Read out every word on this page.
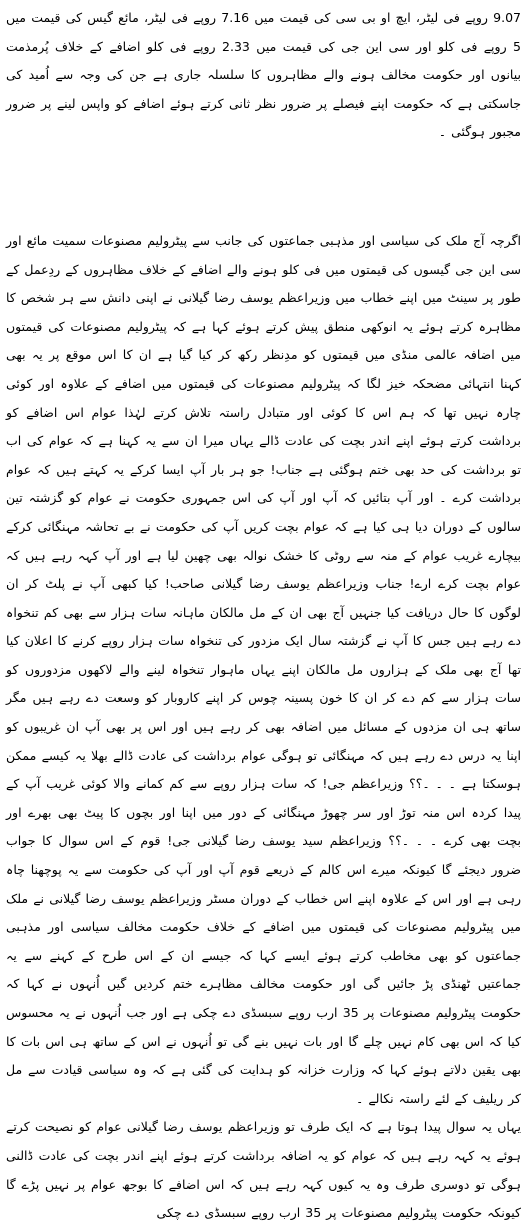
9.07 روپے فی لیٹر، ایچ او بی سی کی قیمت میں 7.16 روپے فی لیٹر، مائع گیس کی قیمت میں 5 روپے فی کلو اور سی این جی کی قیمت میں 2.33 روپے فی کلو اضافے کے خلاف پُرمذمت بیانوں اور حکومت مخالف ہونے والے مظاہروں کا سلسلہ جاری ہے جن کی وجہ سے اُمید کی جاسکتی ہے کہ حکومت اپنے فیصلے پر ضرور نظر ثانی کرتے ہوئے اضافے کو واپس لینے پر ضرور مجبور ہوگئی ۔

اگرچہ آج ملک کی سیاسی اور مذہبی جماعتوں کی جانب سے پیٹرولیم مصنوعات سمیت مائع اور سی این جی گیسوں کی قیمتوں میں فی کلو ہونے والے اضافے کے خلاف مظاہروں کے ردِعمل کے طور پر سینٹ میں اپنے خطاب میں وزیراعظم یوسف رضا گیلانی نے اپنی دانش سے ہر شخص کا مظاہرہ کرتے ہوئے یہ انوکھی منطق پیش کرتے ہوئے کہا ہے کہ پیٹرولیم مصنوعات کی قیمتوں میں اضافہ عالمی منڈی میں قیمتوں کو مدِنظر رکھ کر کیا گیا ہے ان کا اس موقع پر یہ بھی کہنا انتہائی مضحکہ خیز لگا کہ پیٹرولیم مصنوعات کی قیمتوں میں اضافے کے علاوہ اور کوئی چارہ نہیں تھا کہ ہم اس کا کوئی اور متبادل راستہ تلاش کرتے لہٰذا عوام اس اضافے کو برداشت کرتے ہوئے اپنے اندر بچت کی عادت ڈالے یہاں میرا ان سے یہ کہنا ہے کہ عوام کی اب تو برداشت کی حد بھی ختم ہوگئی ہے جناب! جو ہر بار آپ ایسا کرکے یہ کہتے ہیں کہ عوام برداشت کرے ۔ اور آپ بتائیں کہ آپ اور آپ کی اس جمہوری حکومت نے عوام کو گزشتہ تین سالوں کے دوران دیا ہی کیا ہے کہ عوام بچت کریں آپ کی حکومت نے بے تحاشہ مہنگائی کرکے بیچارے غریب عوام کے منہ سے روٹی کا خشک نوالہ بھی چھین لیا ہے اور آپ کہہ رہے ہیں کہ عوام بچت کرے ارے! جناب وزیراعظم یوسف رضا گیلانی صاحب! کیا کبھی آپ نے پلٹ کر ان لوگوں کا حال دریافت کیا جنہیں آج بھی ان کے مل مالکان ماہانہ سات ہزار سے بھی کم تنخواہ دے رہے ہیں جس کا آپ نے گزشتہ سال ایک مزدور کی تنخواہ سات ہزار روپے کرنے کا اعلان کیا تھا آج بھی ملک کے ہزاروں مل مالکان اپنے یہاں ماہوار تنخواہ لینے والے لاکھوں مزدوروں کو سات ہزار سے کم دے کر ان کا خون پسینہ چوس کر اپنے کاروبار کو وسعت دے رہے ہیں مگر ساتھ ہی ان مزدوں کے مسائل میں اضافہ بھی کر رہے ہیں اور اس پر بھی آپ ان غریبوں کو اپنا یہ درس دے رہے ہیں کہ مہنگائی تو ہوگی عوام برداشت کی عادت ڈالے بھلا یہ کیسے ممکن ہوسکتا ہے ۔ ۔ ۔؟؟ وزیراعظم جی! کہ سات ہزار روپے سے کم کمانے والا کوئی غریب آپ کے پیدا کردہ اس منہ توڑ اور سر چھوڑ مہنگائی کے دور میں اپنا اور بچوں کا پیٹ بھی بھرے اور بچت بھی کرے ۔ ۔ ۔؟؟ وزیراعظم سید یوسف رضا گیلانی جی! قوم کے اس سوال کا جواب ضرور دیجئے گا کیونکہ میرے اس کالم کے ذریعے قوم آپ اور آپ کی حکومت سے یہ پوچھنا چاہ رہی ہے اور اس کے علاوہ اپنے اس خطاب کے دوران مسٹر وزیراعظم یوسف رضا گیلانی نے ملک میں پیٹرولیم مصنوعات کی قیمتوں میں اضافے کے خلاف حکومت مخالف سیاسی اور مذہبی جماعتوں کو بھی مخاطب کرتے ہوئے ایسے کہا کہ جیسے ان کے اس طرح کے کہنے سے یہ جماعتیں ٹھنڈی پڑ جائیں گی اور حکومت مخالف مظاہرے ختم کردیں گیں اُنہوں نے کہا کہ حکومت پیٹرولیم مصنوعات پر 35 ارب روپے سبسڈی دے چکی ہے اور جب اُنہوں نے یہ محسوس کیا کہ اس بھی کام نہیں چلے گا اور بات نہیں بنے گی تو اُنہوں نے اس کے ساتھ ہی اس بات کا بھی یقین دلاتے ہوئے کہا کہ وزارت خزانہ کو ہدایت کی گئی ہے کہ وہ سیاسی قیادت سے مل کر ریلیف کے لئے راستہ نکالے ۔

یہاں یہ سوال پیدا ہوتا ہے کہ ایک طرف تو وزیراعظم یوسف رضا گیلانی عوام کو نصیحت کرتے ہوئے یہ کہہ رہے ہیں کہ عوام کو یہ اضافہ برداشت کرتے ہوئے اپنے اندر بچت کی عادت ڈالنی ہوگی تو دوسری طرف وہ یہ کیوں کہہ رہے ہیں کہ اس اضافے کا بوجھ عوام پر نہیں پڑے گا کیونکہ حکومت پیٹرولیم مصنوعات پر 35 ارب روپے سبسڈی دے چکی
